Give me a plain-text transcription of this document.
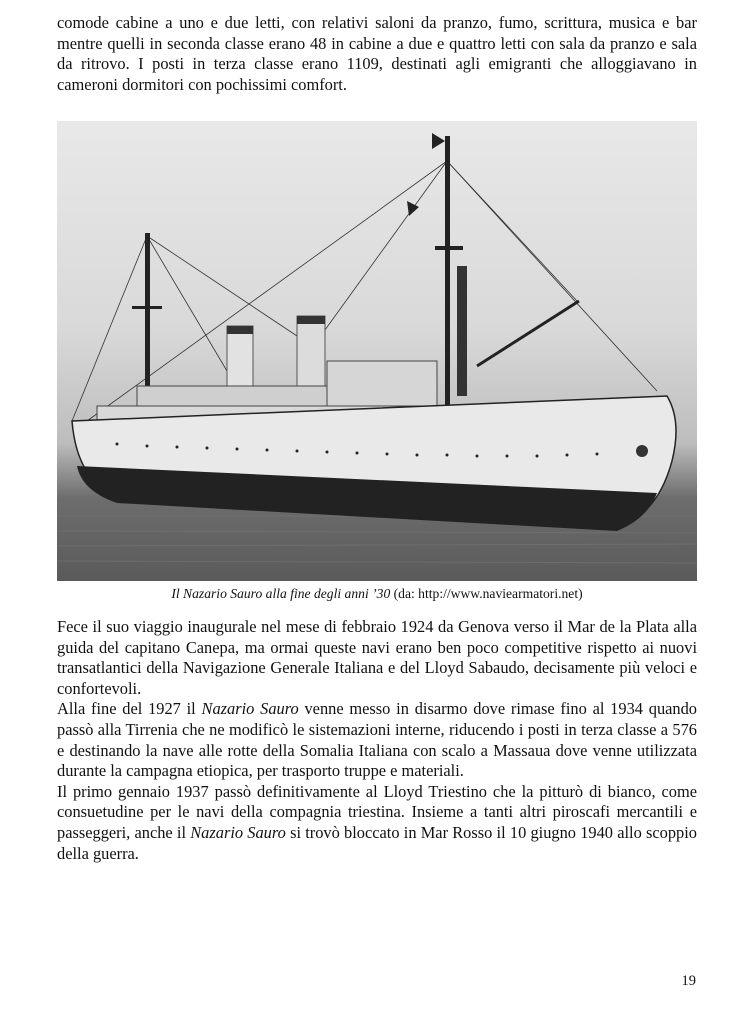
comode cabine a uno e due letti, con relativi saloni da pranzo, fumo, scrittura, musica e bar mentre quelli in seconda classe erano 48 in cabine a due e quattro letti con sala da pranzo e sala da ritrovo. I posti in terza classe erano 1109, destinati agli emigranti che alloggiavano in cameroni dormitori con pochissimi comfort.

Il Nazario Sauro alla fine degli anni ’30 (da: http://www.naviearmatori.net)
Fece il suo viaggio inaugurale nel mese di febbraio 1924 da Genova verso il Mar de la Plata alla guida del capitano Canepa, ma ormai queste navi erano ben poco competitive rispetto ai nuovi transatlantici della Navigazione Generale Italiana e del Lloyd Sabaudo, decisamente più veloci e confortevoli.
Alla fine del 1927 il Nazario Sauro venne messo in disarmo dove rimase fino al 1934 quando passò alla Tirrenia che ne modificò le sistemazioni interne, riducendo i posti in terza classe a 576 e destinando la nave alle rotte della Somalia Italiana con scalo a Massaua dove venne utilizzata durante la campagna etiopica, per trasporto truppe e materiali.
Il primo gennaio 1937 passò definitivamente al Lloyd Triestino che la pitturò di bianco, come consuetudine per le navi della compagnia triestina. Insieme a tanti altri piroscafi mercantili e passeggeri, anche il Nazario Sauro si trovò bloccato in Mar Rosso il 10 giugno 1940 allo scoppio della guerra.
19
